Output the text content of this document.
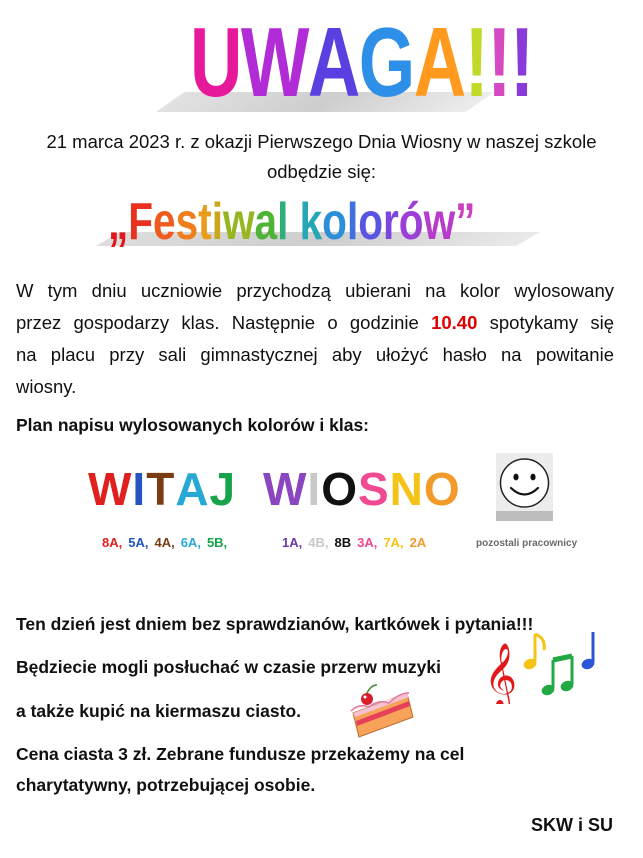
UWAGA!!!
21 marca 2023 r. z okazji Pierwszego Dnia Wiosny w naszej szkole
odbędzie się:
„Festiwal kolorów”
W tym dniu uczniowie przychodzą ubierani na kolor wylosowany
przez gospodarzy klas. Następnie o godzinie 10.40 spotykamy się
na placu przy sali gimnastycznej aby ułożyć hasło na powitanie
wiosny.
Plan napisu wylosowanych kolorów i klas:
WITAJ WIOSNO
8A, 5A, 4A, 6A, 5B,	1A, 4B, 8B 3A, 7A, 2A	pozostali pracownicy
Ten dzień jest dniem bez sprawdzianów, kartkówek i pytania!!!
Będziecie mogli posłuchać w czasie przerw muzyki
a także kupić na kiermaszu ciasto.
Cena ciasta 3 zł. Zebrane fundusze przekażemy na cel
charytatywny, potrzebującej osobie.
𝄞
SKW i SU
